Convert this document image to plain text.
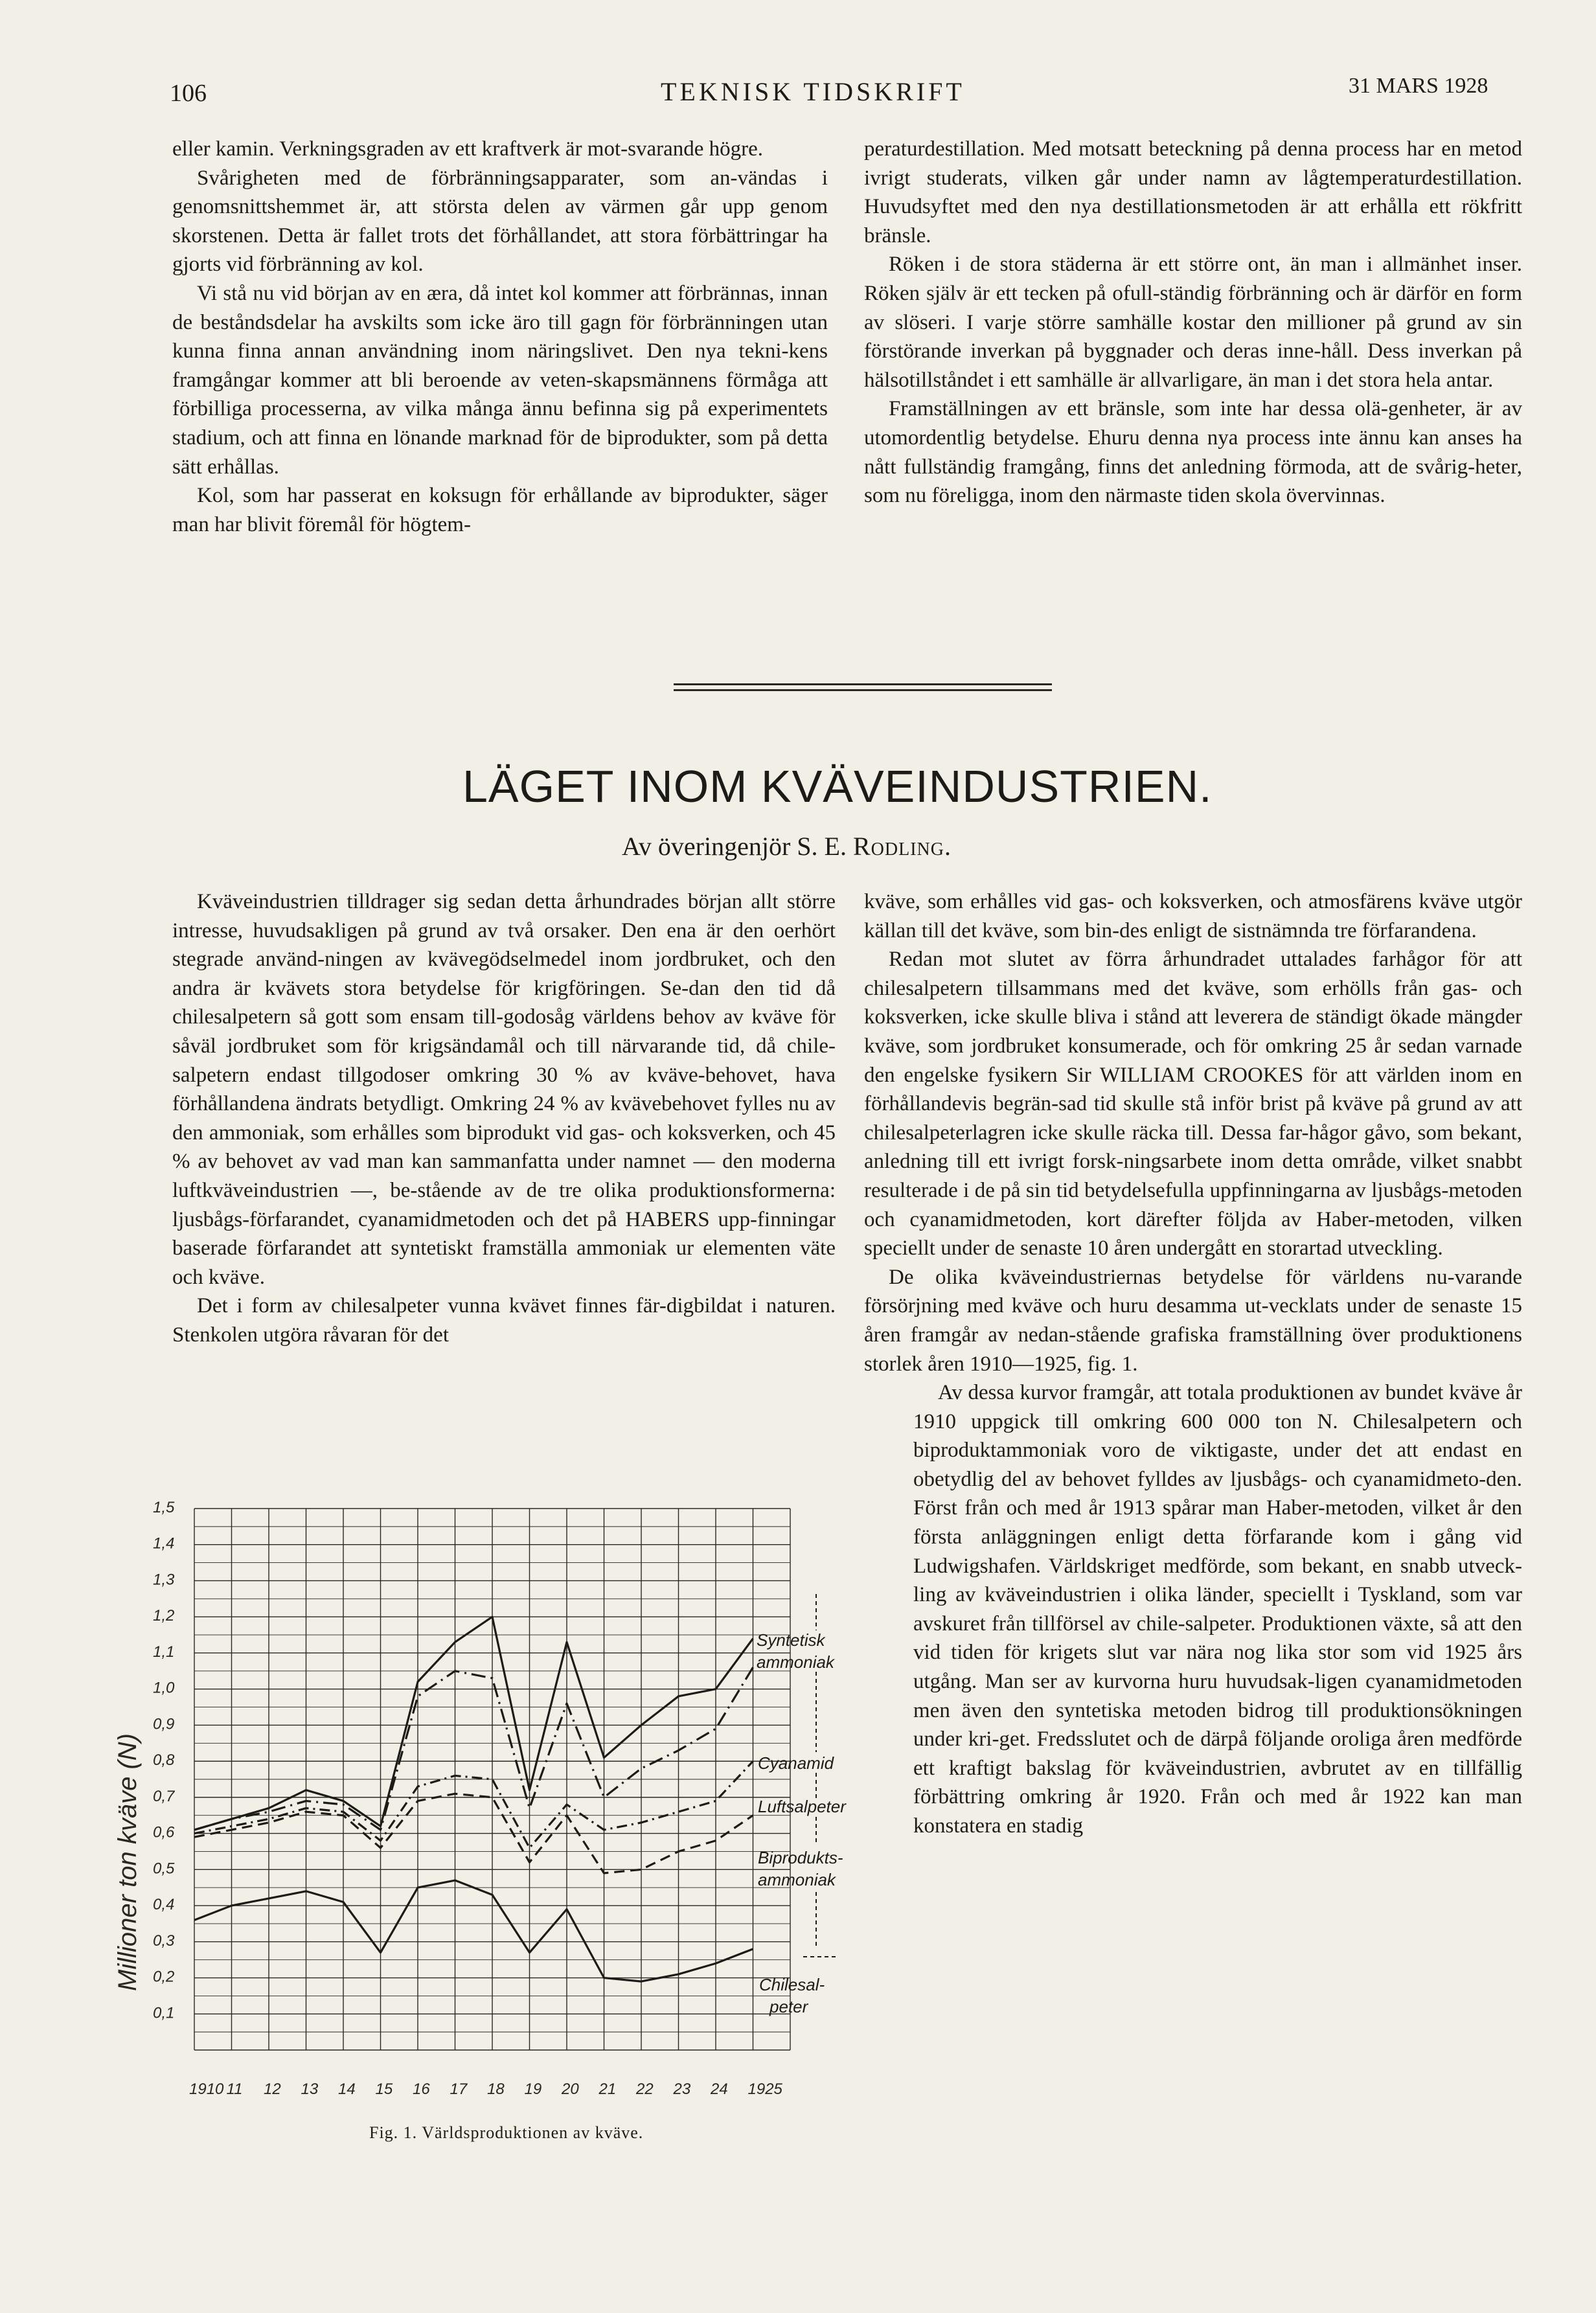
106	TEKNISK TIDSKRIFT	31 MARS 1928

eller kamin. Verkningsgraden av ett kraftverk är mot-svarande högre.

Svårigheten med de förbränningsapparater, som an-vändas i genomsnittshemmet är, att största delen av värmen går upp genom skorstenen. Detta är fallet trots det förhållandet, att stora förbättringar ha gjorts vid förbränning av kol.

Vi stå nu vid början av en æra, då intet kol kommer att förbrännas, innan de beståndsdelar ha avskilts som icke äro till gagn för förbränningen utan kunna finna annan användning inom näringslivet. Den nya tekni-kens framgångar kommer att bli beroende av veten-skapsmännens förmåga att förbilliga processerna, av vilka många ännu befinna sig på experimentets stadium, och att finna en lönande marknad för de biprodukter, som på detta sätt erhållas.

Kol, som har passerat en koksugn för erhållande av biprodukter, säger man har blivit föremål för högtem-

peraturdestillation. Med motsatt beteckning på denna process har en metod ivrigt studerats, vilken går under namn av lågtemperaturdestillation. Huvudsyftet med den nya destillationsmetoden är att erhålla ett rökfritt bränsle.

Röken i de stora städerna är ett större ont, än man i allmänhet inser. Röken själv är ett tecken på ofull-ständig förbränning och är därför en form av slöseri. I varje större samhälle kostar den millioner på grund av sin förstörande inverkan på byggnader och deras inne-håll. Dess inverkan på hälsotillståndet i ett samhälle är allvarligare, än man i det stora hela antar.

Framställningen av ett bränsle, som inte har dessa olä-genheter, är av utomordentlig betydelse. Ehuru denna nya process inte ännu kan anses ha nått fullständig framgång, finns det anledning förmoda, att de svårig-heter, som nu föreligga, inom den närmaste tiden skola övervinnas.

LÄGET INOM KVÄVEINDUSTRIEN.
Av överingenjör S. E. Rodling.

Kväveindustrien tilldrager sig sedan detta århundrades början allt större intresse, huvudsakligen på grund av två orsaker. Den ena är den oerhört stegrade använd-ningen av kvävegödselmedel inom jordbruket, och den andra är kvävets stora betydelse för krigföringen. Se-dan den tid då chilesalpetern så gott som ensam till-godosåg världens behov av kväve för såväl jordbruket som för krigsändamål och till närvarande tid, då chile-salpetern endast tillgodoser omkring 30 % av kväve-behovet, hava förhållandena ändrats betydligt. Omkring 24 % av kvävebehovet fylles nu av den ammoniak, som erhålles som biprodukt vid gas- och koksverken, och 45 % av behovet av vad man kan sammanfatta under namnet — den moderna luftkväveindustrien —, be-stående av de tre olika produktionsformerna: ljusbågs-förfarandet, cyanamidmetoden och det på HABERS upp-finningar baserade förfarandet att syntetiskt framställa ammoniak ur elementen väte och kväve.

Det i form av chilesalpeter vunna kvävet finnes fär-digbildat i naturen. Stenkolen utgöra råvaran för det

kväve, som erhålles vid gas- och koksverken, och atmosfärens kväve utgör källan till det kväve, som bin-des enligt de sistnämnda tre förfarandena.

Redan mot slutet av förra århundradet uttalades farhågor för att chilesalpetern tillsammans med det kväve, som erhölls från gas- och koksverken, icke skulle bliva i stånd att leverera de ständigt ökade mängder kväve, som jordbruket konsumerade, och för omkring 25 år sedan varnade den engelske fysikern Sir WILLIAM CROOKES för att världen inom en förhållandevis begrän-sad tid skulle stå inför brist på kväve på grund av att chilesalpeterlagren icke skulle räcka till. Dessa far-hågor gåvo, som bekant, anledning till ett ivrigt forsk-ningsarbete inom detta område, vilket snabbt resulterade i de på sin tid betydelsefulla uppfinningarna av ljusbågs-metoden och cyanamidmetoden, kort därefter följda av Haber-metoden, vilken speciellt under de senaste 10 åren undergått en storartad utveckling.

De olika kväveindustriernas betydelse för världens nu-varande försörjning med kväve och huru desamma ut-vecklats under de senaste 15 åren framgår av nedan-stående grafiska framställning över produktionens storlek åren 1910—1925, fig. 1.

Av dessa kurvor framgår, att totala produktionen av bundet kväve år 1910 uppgick till omkring 600 000 ton N. Chilesalpetern och biproduktammoniak voro de viktigaste, under det att endast en obetydlig del av behovet fylldes av ljusbågs- och cyanamidmeto-den. Först från och med år 1913 spårar man Haber-metoden, vilket år den första anläggningen enligt detta förfarande kom i gång vid Ludwigshafen. Världskriget medförde, som bekant, en snabb utveck-ling av kväveindustrien i olika länder, speciellt i Tyskland, som var avskuret från tillförsel av chile-salpeter. Produktionen växte, så att den vid tiden för krigets slut var nära nog lika stor som vid 1925 års utgång. Man ser av kurvorna huru huvudsak-ligen cyanamidmetoden men även den syntetiska metoden bidrog till produktionsökningen under kri-get. Fredsslutet och de därpå följande oroliga åren medförde ett kraftigt bakslag för kväveindustrien, avbrutet av en tillfällig förbättring omkring år 1920. Från och med år 1922 kan man konstatera en stadig

0,1
0,2
0,3
0,4
0,5
0,6
0,7
0,8
0,9
1,0
1,1
1,2
1,3
1,4
1,5
1910 11 12 13 14 15 16 17 18 19 20 21 22 23 24 1925
Syntetisk
ammoniak
Cyanamid
Luftsalpeter
Biprodukts-
ammoniak
Chilesal-
peter
Millioner ton kväve (N)
Fig. 1. Världsproduktionen av kväve.
